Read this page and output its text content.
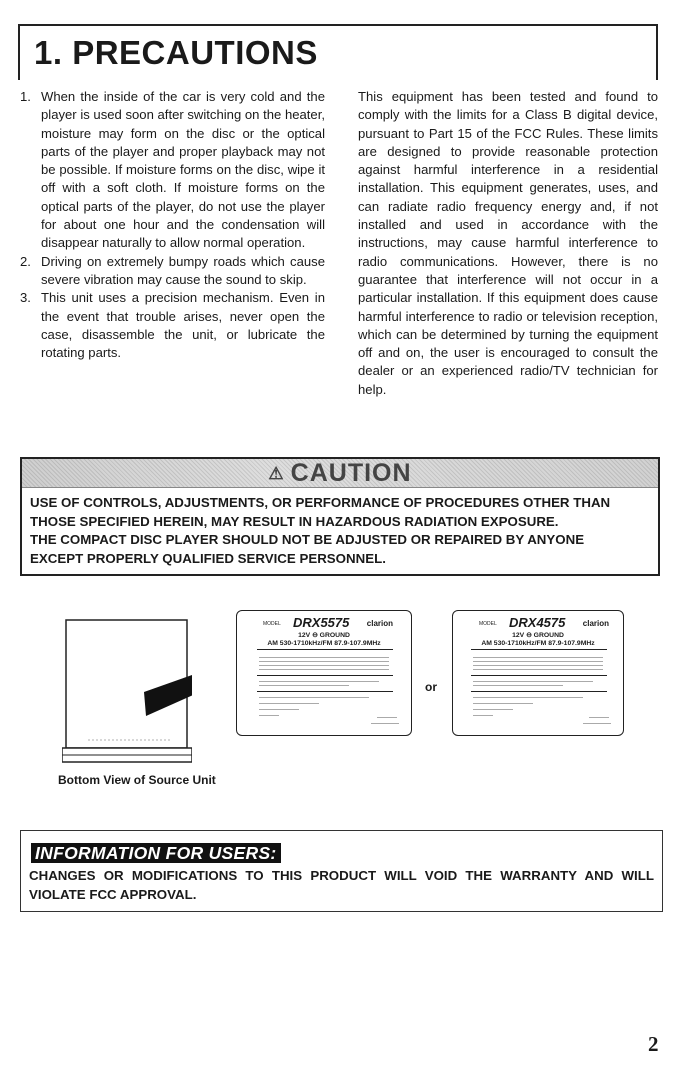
1. PRECAUTIONS
1. When the inside of the car is very cold and the player is used soon after switching on the heater, moisture may form on the disc or the optical parts of the player and proper playback may not be possible. If moisture forms on the disc, wipe it off with a soft cloth. If moisture forms on the optical parts of the player, do not use the player for about one hour and the condensation will disappear naturally to allow normal operation.
2. Driving on extremely bumpy roads which cause severe vibration may cause the sound to skip.
3. This unit uses a precision mechanism. Even in the event that trouble arises, never open the case, disassemble the unit, or lubricate the rotating parts.

This equipment has been tested and found to comply with the limits for a Class B digital device, pursuant to Part 15 of the FCC Rules. These limits are designed to provide reasonable protection against harmful interference in a residential installation. This equipment generates, uses, and can radiate radio frequency energy and, if not installed and used in accordance with the instructions, may cause harmful interference to radio communications. However, there is no guarantee that interference will not occur in a particular installation. If this equipment does cause harmful interference to radio or television reception, which can be determined by turning the equipment off and on, the user is encouraged to consult the dealer or an experienced radio/TV technician for help.

⚠ CAUTION

USE OF CONTROLS, ADJUSTMENTS, OR PERFORMANCE OF PROCEDURES OTHER THAN
THOSE SPECIFIED HEREIN, MAY RESULT IN HAZARDOUS RADIATION EXPOSURE.
THE COMPACT DISC PLAYER SHOULD NOT BE ADJUSTED OR REPAIRED BY ANYONE
EXCEPT PROPERLY QUALIFIED SERVICE PERSONNEL.

MODEL DRX5575 clarion
12V ⊖ GROUND
AM 530-1710kHz/FM 87.9-107.9MHz
or
MODEL DRX4575 clarion
12V ⊖ GROUND
AM 530-1710kHz/FM 87.9-107.9MHz
Bottom View of Source Unit
INFORMATION FOR USERS:

CHANGES OR MODIFICATIONS TO THIS PRODUCT WILL VOID THE WARRANTY AND WILL VIOLATE FCC APPROVAL.

2
